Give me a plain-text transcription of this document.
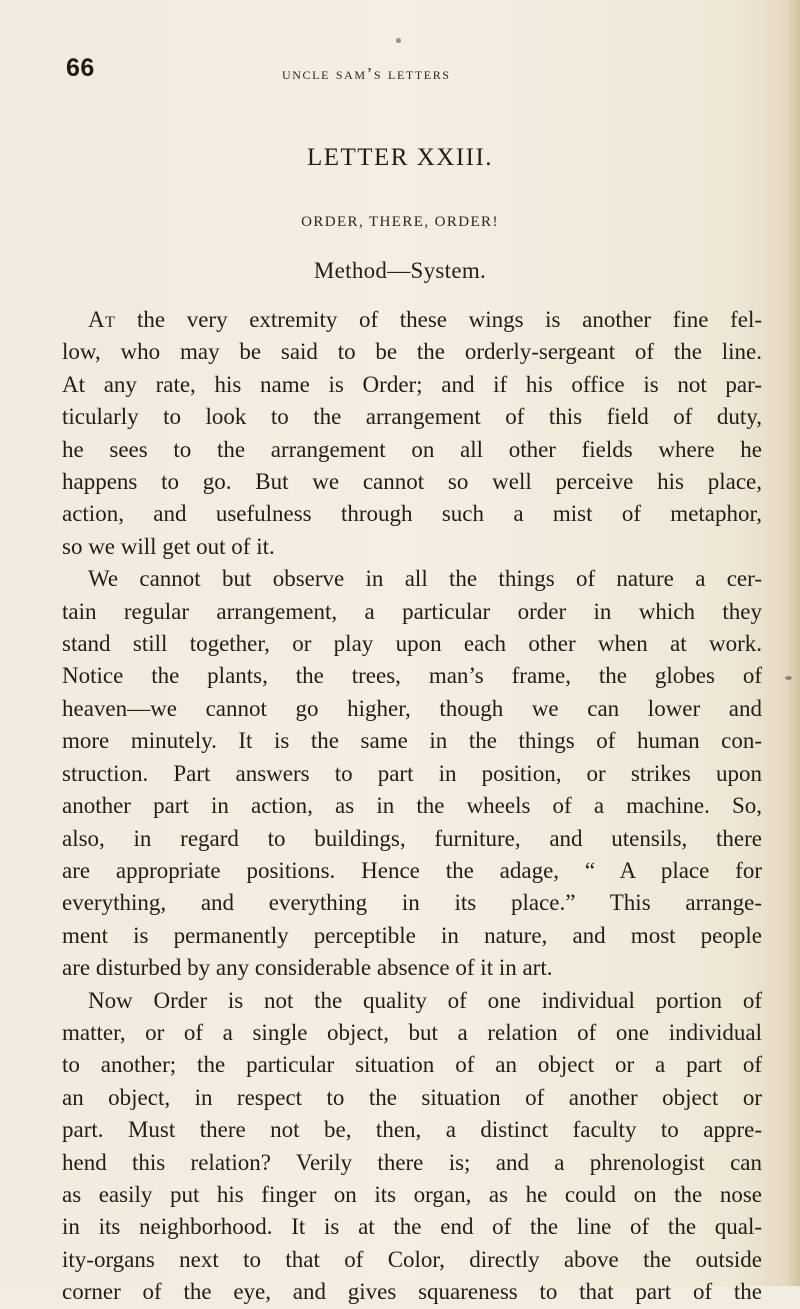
66	uncle sam’s letters
LETTER XXIII.
ORDER, THERE, ORDER!
Method—System.
At the very extremity of these wings is another fine fel-
low, who may be said to be the orderly-sergeant of the line.
At any rate, his name is Order; and if his office is not par-
ticularly to look to the arrangement of this field of duty,
he sees to the arrangement on all other fields where he
happens to go. But we cannot so well perceive his place,
action, and usefulness through such a mist of metaphor,
so we will get out of it.
We cannot but observe in all the things of nature a cer-
tain regular arrangement, a particular order in which they
stand still together, or play upon each other when at work.
Notice the plants, the trees, man’s frame, the globes of
heaven—we cannot go higher, though we can lower and
more minutely. It is the same in the things of human con-
struction. Part answers to part in position, or strikes upon
another part in action, as in the wheels of a machine. So,
also, in regard to buildings, furniture, and utensils, there
are appropriate positions. Hence the adage, “ A place for
everything, and everything in its place.” This arrange-
ment is permanently perceptible in nature, and most people
are disturbed by any considerable absence of it in art.
Now Order is not the quality of one individual portion of
matter, or of a single object, but a relation of one individual
to another; the particular situation of an object or a part of
an object, in respect to the situation of another object or
part. Must there not be, then, a distinct faculty to appre-
hend this relation? Verily there is; and a phrenologist can
as easily put his finger on its organ, as he could on the nose
in its neighborhood. It is at the end of the line of the qual-
ity-organs next to that of Color, directly above the outside
corner of the eye, and gives squareness to that part of the
